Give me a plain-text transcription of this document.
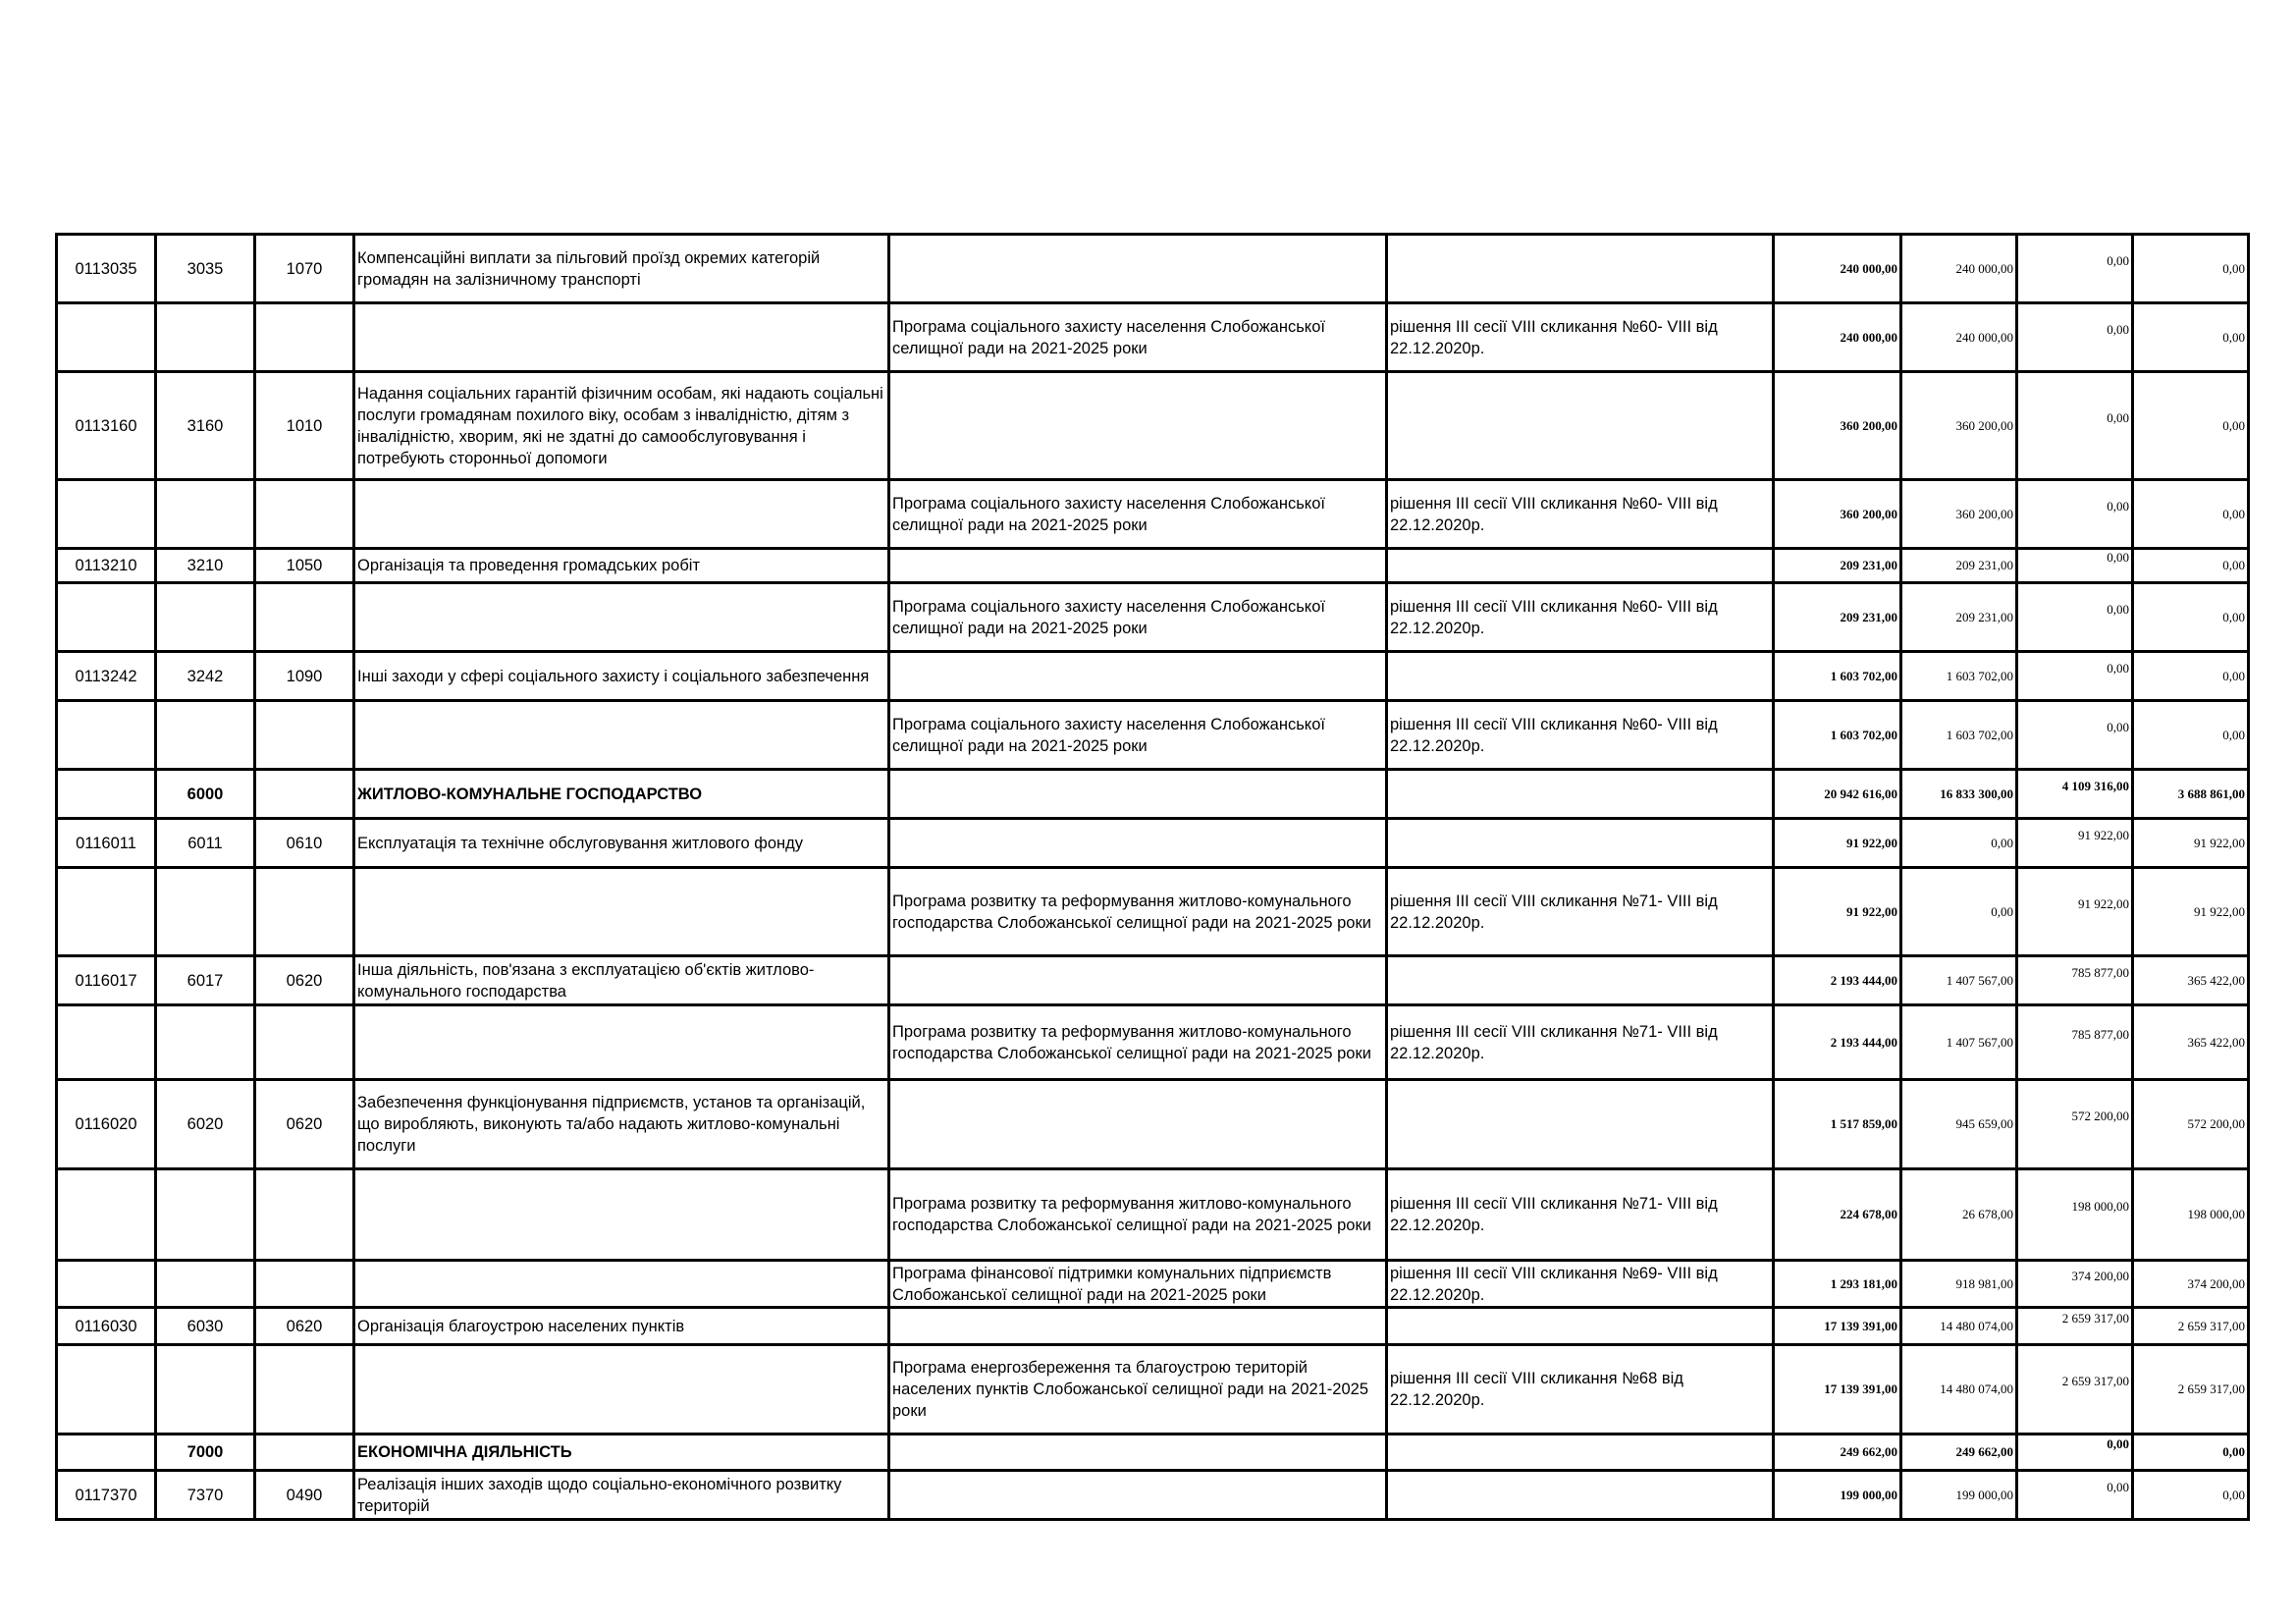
0113035	3035	1070	Компенсаційні виплати за пільговий проїзд окремих категорій громадян на залізничному транспорті			240 000,00	240 000,00	0,00	0,00
				Програма соціального захисту населення Слобожанської селищної ради на 2021-2025 роки	рішення ІІІ сесії VIІІ скликання №60- VIІІ від 22.12.2020р.	240 000,00	240 000,00	0,00	0,00
0113160	3160	1010	Надання соціальних гарантій фізичним особам, які надають соціальні послуги громадянам похилого віку, особам з інвалідністю, дітям з інвалідністю, хворим, які не здатні до самообслуговування і потребують сторонньої допомоги			360 200,00	360 200,00	0,00	0,00
				Програма соціального захисту населення Слобожанської селищної ради на 2021-2025 роки	рішення ІІІ сесії VIІІ скликання №60- VIІІ від 22.12.2020р.	360 200,00	360 200,00	0,00	0,00
0113210	3210	1050	Організація та проведення громадських робіт			209 231,00	209 231,00	0,00	0,00
				Програма соціального захисту населення Слобожанської селищної ради на 2021-2025 роки	рішення ІІІ сесії VIІІ скликання №60- VIІІ від 22.12.2020р.	209 231,00	209 231,00	0,00	0,00
0113242	3242	1090	Інші заходи у сфері соціального захисту і соціального забезпечення			1 603 702,00	1 603 702,00	0,00	0,00
				Програма соціального захисту населення Слобожанської селищної ради на 2021-2025 роки	рішення ІІІ сесії VIІІ скликання №60- VIІІ від 22.12.2020р.	1 603 702,00	1 603 702,00	0,00	0,00
	6000		ЖИТЛОВО-КОМУНАЛЬНЕ ГОСПОДАРСТВО			20 942 616,00	16 833 300,00	4 109 316,00	3 688 861,00
0116011	6011	0610	Експлуатація та технічне обслуговування житлового фонду			91 922,00	0,00	91 922,00	91 922,00
				Програма розвитку та реформування житлово-комунального господарства Слобожанської селищної ради на 2021-2025 роки	рішення ІІІ сесії VIІІ скликання №71- VIІІ від 22.12.2020р.	91 922,00	0,00	91 922,00	91 922,00
0116017	6017	0620	Інша діяльність, пов'язана з експлуатацією об'єктів житлово-комунального господарства			2 193 444,00	1 407 567,00	785 877,00	365 422,00
				Програма розвитку та реформування житлово-комунального господарства Слобожанської селищної ради на 2021-2025 роки	рішення ІІІ сесії VIІІ скликання №71- VIІІ від 22.12.2020р.	2 193 444,00	1 407 567,00	785 877,00	365 422,00
0116020	6020	0620	Забезпечення функціонування підприємств, установ та організацій, що виробляють, виконують та/або надають житлово-комунальні послуги			1 517 859,00	945 659,00	572 200,00	572 200,00
				Програма розвитку та реформування житлово-комунального господарства Слобожанської селищної ради на 2021-2025 роки	рішення ІІІ сесії VIІІ скликання №71- VIІІ від 22.12.2020р.	224 678,00	26 678,00	198 000,00	198 000,00
				Програма фінансової підтримки комунальних підприємств Слобожанської селищної ради на 2021-2025 роки	рішення ІІІ сесії VIІІ скликання №69- VIІІ від 22.12.2020р.	1 293 181,00	918 981,00	374 200,00	374 200,00
0116030	6030	0620	Організація благоустрою населених пунктів			17 139 391,00	14 480 074,00	2 659 317,00	2 659 317,00
				Програма енергозбереження та благоустрою територій населених пунктів Слобожанської селищної ради на 2021-2025 роки	рішення ІІІ сесії VIІІ скликання №68 від 22.12.2020р.	17 139 391,00	14 480 074,00	2 659 317,00	2 659 317,00
	7000		ЕКОНОМІЧНА ДІЯЛЬНІСТЬ			249 662,00	249 662,00	0,00	0,00
0117370	7370	0490	Реалізація інших заходів щодо соціально-економічного розвитку територій			199 000,00	199 000,00	0,00	0,00
